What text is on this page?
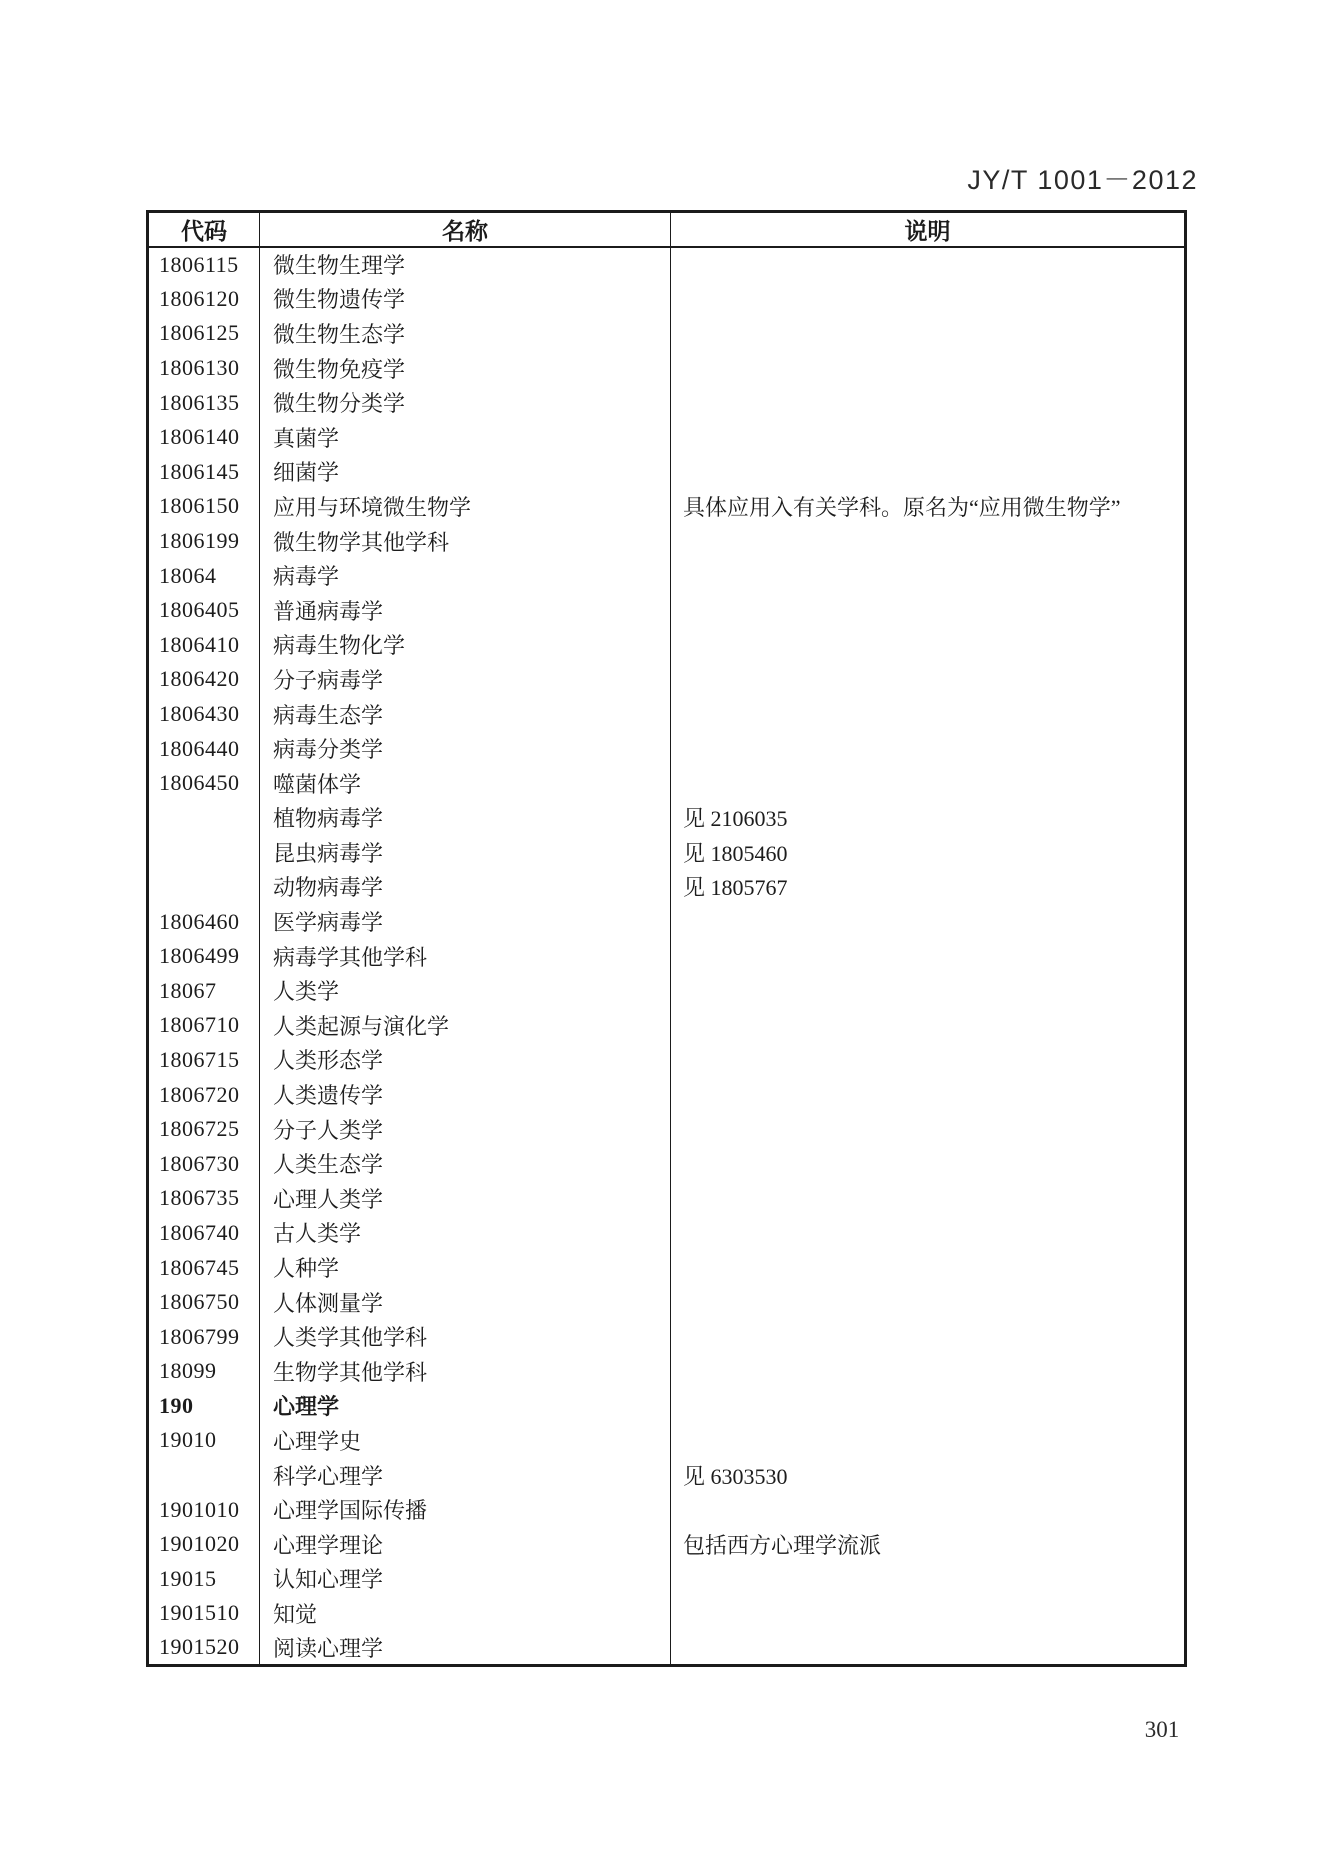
JY/T 1001－2012
代码	名称	说明
1806115	微生物生理学	
1806120	微生物遗传学	
1806125	微生物生态学	
1806130	微生物免疫学	
1806135	微生物分类学	
1806140	真菌学	
1806145	细菌学	
1806150	应用与环境微生物学	具体应用入有关学科。原名为“应用微生物学”
1806199	微生物学其他学科	
18064	病毒学	
1806405	普通病毒学	
1806410	病毒生物化学	
1806420	分子病毒学	
1806430	病毒生态学	
1806440	病毒分类学	
1806450	噬菌体学	
	植物病毒学	见 2106035
	昆虫病毒学	见 1805460
	动物病毒学	见 1805767
1806460	医学病毒学	
1806499	病毒学其他学科	
18067	人类学	
1806710	人类起源与演化学	
1806715	人类形态学	
1806720	人类遗传学	
1806725	分子人类学	
1806730	人类生态学	
1806735	心理人类学	
1806740	古人类学	
1806745	人种学	
1806750	人体测量学	
1806799	人类学其他学科	
18099	生物学其他学科	
190	心理学	
19010	心理学史	
	科学心理学	见 6303530
1901010	心理学国际传播	
1901020	心理学理论	包括西方心理学流派
19015	认知心理学	
1901510	知觉	
1901520	阅读心理学	
301
